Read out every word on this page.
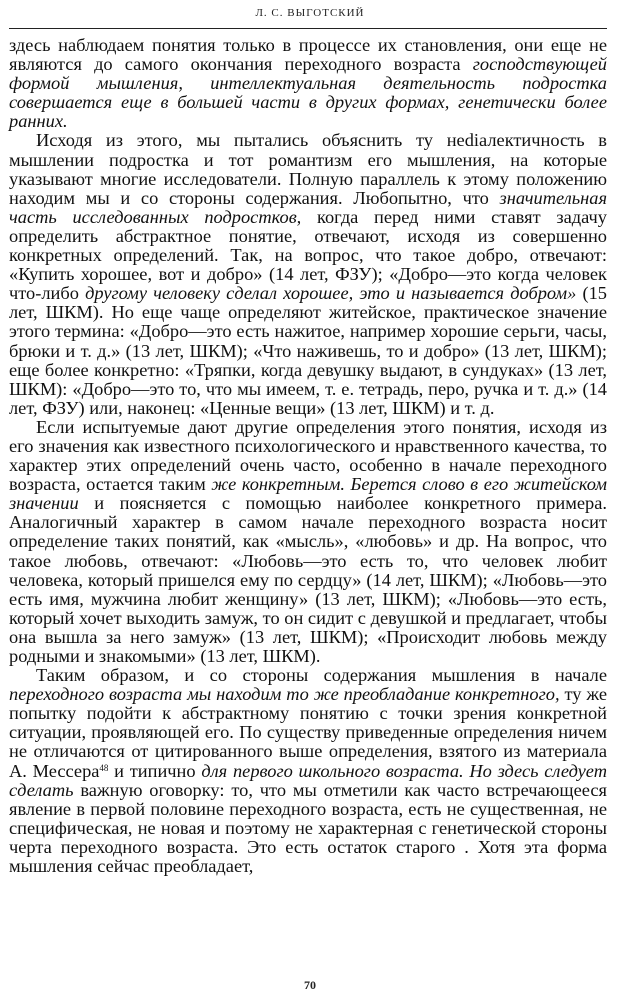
Л. С. ВЫГОТСКИЙ

здесь наблюдаем понятия только в процессе их становления, они еще не являются до самого окончания переходного возраста господствующей формой мышления, интеллектуальная деятельность подростка совершается еще в большей части в других формах, генетически более ранних.

Исходя из этого, мы пытались объяснить ту нediалектичность в мышлении подростка и тот романтизм его мышления, на которые указывают многие исследователи. Полную параллель к этому положению находим мы и со стороны содержания. Любопытно, что значительная часть исследованных подростков, когда перед ними ставят задачу определить абстрактное понятие, отвечают, исходя из совершенно конкретных определений. Так, на вопрос, что такое добро, отвечают: «Купить хорошее, вот и добро» (14 лет, ФЗУ); «Добро—это когда человек что-либо другому человеку сделал хорошее, это и называется добром» (15 лет, ШКМ). Но еще чаще определяют житейское, практическое значение этого термина: «Добро—это есть нажитое, например хорошие серьги, часы, брюки и т. д.» (13 лет, ШКМ); «Что наживешь, то и добро» (13 лет, ШКМ); еще более конкретно: «Тряпки, когда девушку выдают, в сундуках» (13 лет, ШКМ): «Добро—это то, что мы имеем, т. е. тетрадь, перо, ручка и т. д.» (14 лет, ФЗУ) или, наконец: «Ценные вещи» (13 лет, ШКМ) и т. д.

Если испытуемые дают другие определения этого понятия, исходя из его значения как известного психологического и нравственного качества, то характер этих определений очень часто, особенно в начале переходного возраста, остается таким же конкретным. Берется слово в его житейском значении и поясняется с помощью наиболее конкретного примера. Аналогичный характер в самом начале переходного возраста носит определение таких понятий, как «мысль», «любовь» и др. На вопрос, что такое любовь, отвечают: «Любовь—это есть то, что человек любит человека, который пришелся ему по сердцу» (14 лет, ШКМ); «Любовь—это есть имя, мужчина любит женщину» (13 лет, ШКМ); «Любовь—это есть, который хочет выходить замуж, то он сидит с девушкой и предлагает, чтобы она вышла за него замуж» (13 лет, ШКМ); «Происходит любовь между родными и знакомыми» (13 лет, ШКМ).

Таким образом, и со стороны содержания мышления в начале переходного возраста мы находим то же преобладание конкретного, ту же попытку подойти к абстрактному понятию с точки зрения конкретной ситуации, проявляющей его. По существу приведенные определения ничем не отличаются от цитированного выше определения, взятого из материала А. Мессера$^{48}$ и типично для первого школьного возраста. Но здесь следует сделать важную оговорку: то, что мы отметили как часто встречающееся явление в первой половине переходного возраста, есть не существенная, не специфическая, не новая и поэтому не характерная с генетической стороны черта переходного возраста. Это есть остаток старого . Хотя эта форма мышления сейчас преобладает,

70
